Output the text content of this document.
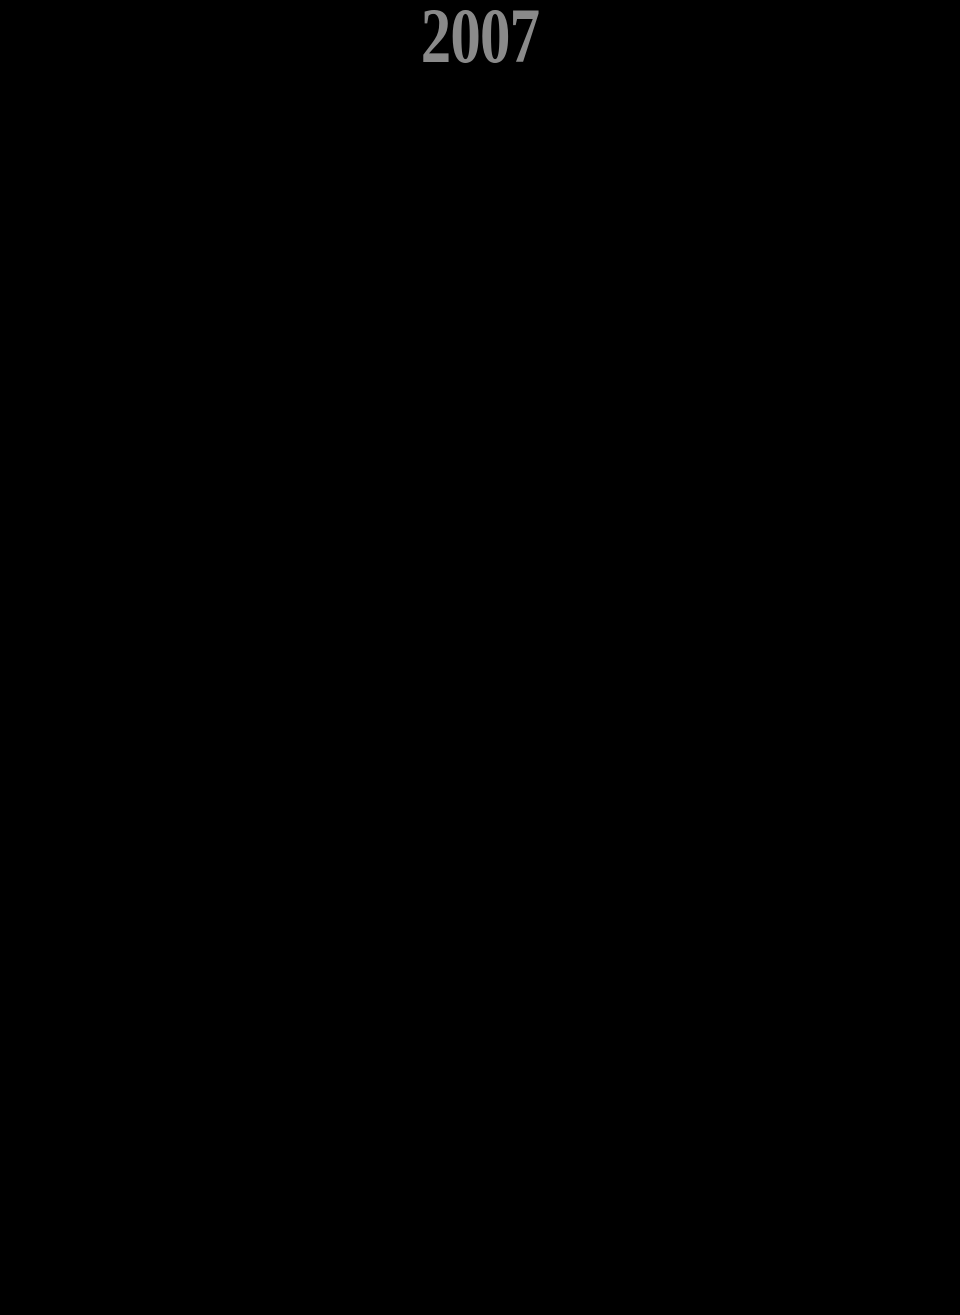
2007
Cost of things (averages):
Gallon of Whole Milk~ $3.91 (American Farm Bureau Federation)
Dozen Eggs~ $1.61 (American Farm Bureau Federation)
Loaf of white bread~ $1.62 (American Farm Bureau Federation)
U.S. Postage Stamp~ 41 cents
New Car Price~ $30,748 (TrueCar.com)
Gallon of Gas~ $3.07 (CNN Money, Lundberg Survey)
Movie Ticket~ $6.88 (National Association of Theatre Owners)
Price of new house~ $235,500 (Census.gov)
Top Celebrities:
Barry Bonds
Justin Timberlake
Miley Cyrus
Johnny Depp
Tiger Woods
David Beckham
Beyonce
Tom Cruise
Derek Jeter
Jennifer Anniston
Reese Witherspoon
Will Smith
Angelina Jolie
Brad Pitt
Fergie
Carrie Underwood
Top Songs:
(billboard.com)
Irreplaceable ~Beyonce
Umbrella ~Rihanna and Jay Z
The Sweet Escape ~Gwen Stefani feat. Akon
Big Girls Don’t Cry ~Fergie
Buy U A Drank (Shawty Snappin') ~T-Pain feat Yung Joc
Before He Cheats ~Carrie Underwood
Hey There Delilah ~Plain White T’s
I Wanna Love You ~Akon feat. Snoop Dogg
Say It Right ~Nelly Furtado
Glamorous ~Fergie feat. Ludacris
Home ~Daughtry
What Goes Around… Comes Around ~Justin Timberlake
